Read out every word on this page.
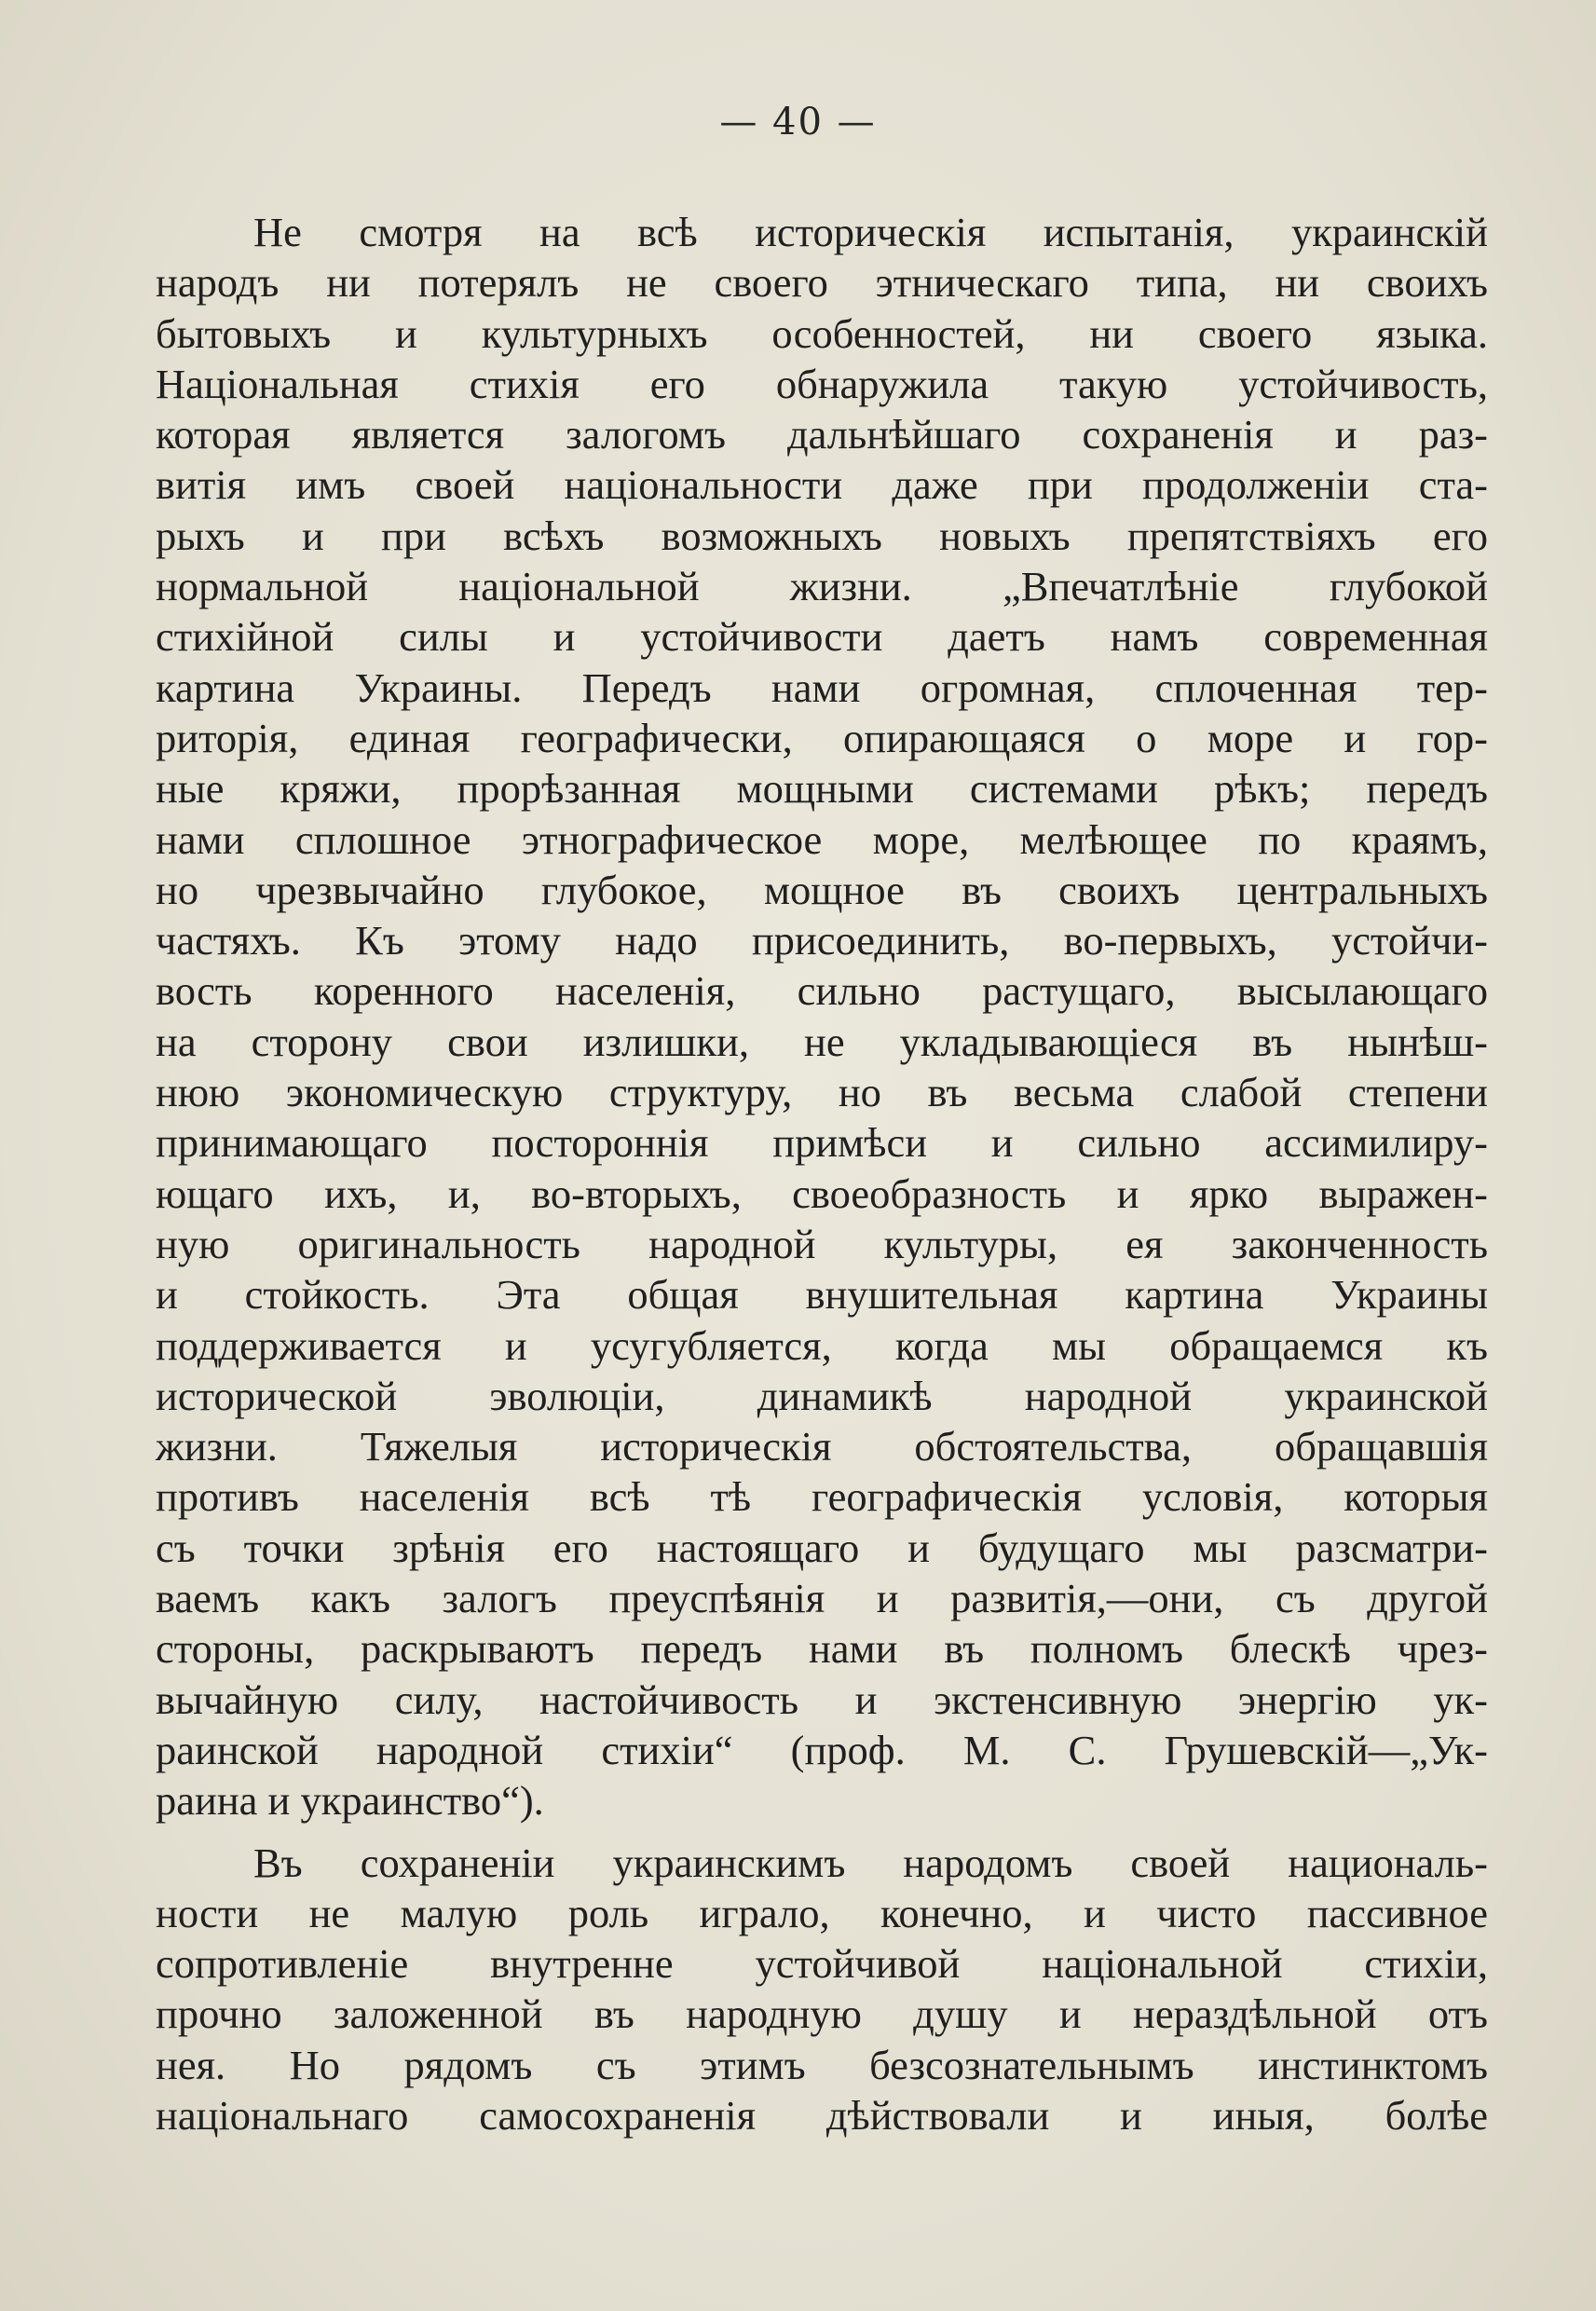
— 40 —
Не смотря на всѣ историческія испытанія, украинскій
народъ ни потерялъ не своего этническаго типа, ни своихъ
бытовыхъ и культурныхъ особенностей, ни своего языка.
Національная стихія его обнаружила такую устойчивость,
которая является залогомъ дальнѣйшаго сохраненія и раз-
витія имъ своей національности даже при продолженіи ста-
рыхъ и при всѣхъ возможныхъ новыхъ препятствіяхъ его
нормальной національной жизни. „Впечатлѣніе глубокой
стихійной силы и устойчивости даетъ намъ современная
картина Украины. Передъ нами огромная, сплоченная тер-
риторія, единая географически, опирающаяся о море и гор-
ные кряжи, прорѣзанная мощными системами рѣкъ; передъ
нами сплошное этнографическое море, мелѣющее по краямъ,
но чрезвычайно глубокое, мощное въ своихъ центральныхъ
частяхъ. Къ этому надо присоединить, во-первыхъ, устойчи-
вость коренного населенія, сильно растущаго, высылающаго
на сторону свои излишки, не укладывающіеся въ нынѣш-
нюю экономическую структуру, но въ весьма слабой степени
принимающаго постороннія примѣси и сильно ассимилиру-
ющаго ихъ, и, во-вторыхъ, своеобразность и ярко выражен-
ную оригинальность народной культуры, ея законченность
и стойкость. Эта общая внушительная картина Украины
поддерживается и усугубляется, когда мы обращаемся къ
исторической эволюціи, динамикѣ народной украинской
жизни. Тяжелыя историческія обстоятельства, обращавшія
противъ населенія всѣ тѣ географическія условія, которыя
съ точки зрѣнія его настоящаго и будущаго мы разсматри-
ваемъ какъ залогъ преуспѣянія и развитія,—они, съ другой
стороны, раскрываютъ передъ нами въ полномъ блескѣ чрез-
вычайную силу, настойчивость и экстенсивную энергію ук-
раинской народной стихіи“ (проф. М. С. Грушевскій—„Ук-
раина и украинство“).
Въ сохраненіи украинскимъ народомъ своей националь-
ности не малую роль играло, конечно, и чисто пассивное
сопротивленіе внутренне устойчивой національной стихіи,
прочно заложенной въ народную душу и нераздѣльной отъ
нея. Но рядомъ съ этимъ безсознательнымъ инстинктомъ
національнаго самосохраненія дѣйствовали и иныя, болѣе
